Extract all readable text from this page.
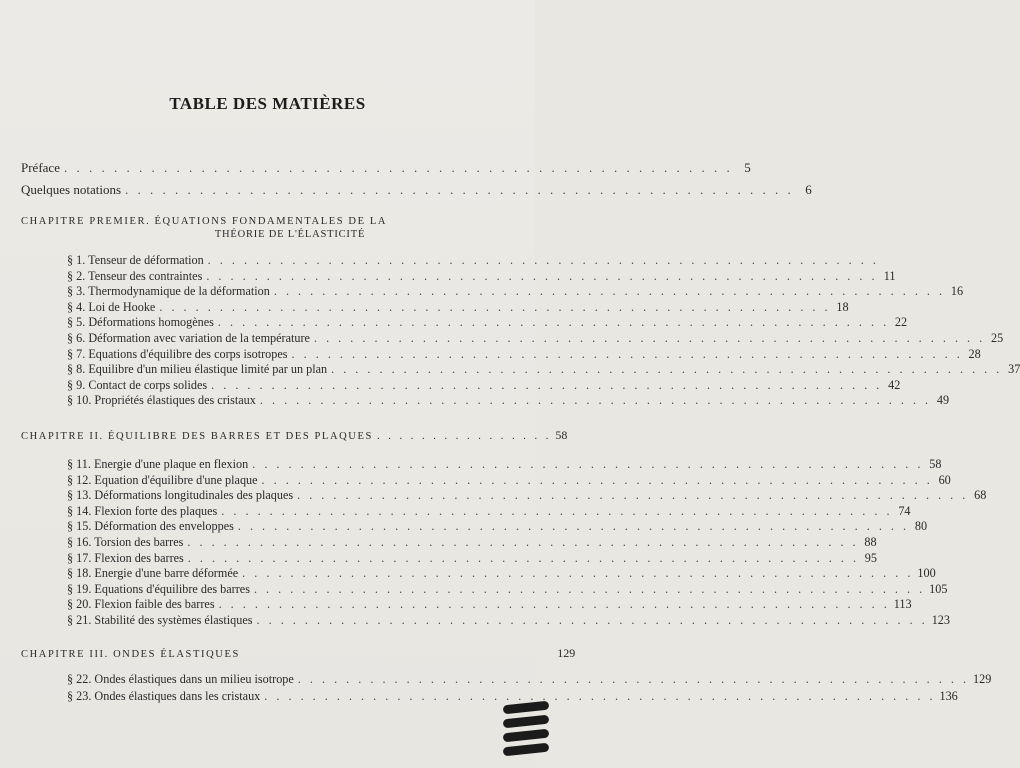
TABLE DES MATIÈRES
Préface . . . . . . . . . . . . . . . . . . . . . . . . . . . . . . . . . . . . . . . . . . . . . . . . . . . . . . 5
Quelques notations . . . . . . . . . . . . . . . . . . . . . . . . . . . . . . . . . . . . . . . . . . . . . . . . . . . . . . 6
CHAPITRE PREMIER. ÉQUATIONS FONDAMENTALES DE LA
THÉORIE DE L'ÉLASTICITÉ
§ 1. Tenseur de déformation . . . . . . . . . . . . . . . . . . . . . . . . . . . . . . . . . . . . . . . . . . . . . . . . . . . . . . . .
§ 2. Tenseur des contraintes . . . . . . . . . . . . . . . . . . . . . . . . . . . . . . . . . . . . . . . . . . . . . . . . . . . . . . . . 11
§ 3. Thermodynamique de la déformation . . . . . . . . . . . . . . . . . . . . . . . . . . . . . . . . . . . . . . . . . . . . . . . . . . . . . . . . 16
§ 4. Loi de Hooke . . . . . . . . . . . . . . . . . . . . . . . . . . . . . . . . . . . . . . . . . . . . . . . . . . . . . . . . 18
§ 5. Déformations homogènes . . . . . . . . . . . . . . . . . . . . . . . . . . . . . . . . . . . . . . . . . . . . . . . . . . . . . . . . 22
§ 6. Déformation avec variation de la température . . . . . . . . . . . . . . . . . . . . . . . . . . . . . . . . . . . . . . . . . . . . . . . . . . . . . . . . 25
§ 7. Equations d'équilibre des corps isotropes . . . . . . . . . . . . . . . . . . . . . . . . . . . . . . . . . . . . . . . . . . . . . . . . . . . . . . . . 28
§ 8. Equilibre d'un milieu élastique limité par un plan . . . . . . . . . . . . . . . . . . . . . . . . . . . . . . . . . . . . . . . . . . . . . . . . . . . . . . . . 37
§ 9. Contact de corps solides . . . . . . . . . . . . . . . . . . . . . . . . . . . . . . . . . . . . . . . . . . . . . . . . . . . . . . . . 42
§ 10. Propriétés élastiques des cristaux . . . . . . . . . . . . . . . . . . . . . . . . . . . . . . . . . . . . . . . . . . . . . . . . . . . . . . . . 49
CHAPITRE II. ÉQUILIBRE DES BARRES ET DES PLAQUES . . . . . . . . . . . . . . . . 58
§ 11. Energie d'une plaque en flexion . . . . . . . . . . . . . . . . . . . . . . . . . . . . . . . . . . . . . . . . . . . . . . . . . . . . . . . . 58
§ 12. Equation d'équilibre d'une plaque . . . . . . . . . . . . . . . . . . . . . . . . . . . . . . . . . . . . . . . . . . . . . . . . . . . . . . . . 60
§ 13. Déformations longitudinales des plaques . . . . . . . . . . . . . . . . . . . . . . . . . . . . . . . . . . . . . . . . . . . . . . . . . . . . . . . . 68
§ 14. Flexion forte des plaques . . . . . . . . . . . . . . . . . . . . . . . . . . . . . . . . . . . . . . . . . . . . . . . . . . . . . . . . 74
§ 15. Déformation des enveloppes . . . . . . . . . . . . . . . . . . . . . . . . . . . . . . . . . . . . . . . . . . . . . . . . . . . . . . . . 80
§ 16. Torsion des barres . . . . . . . . . . . . . . . . . . . . . . . . . . . . . . . . . . . . . . . . . . . . . . . . . . . . . . . . 88
§ 17. Flexion des barres . . . . . . . . . . . . . . . . . . . . . . . . . . . . . . . . . . . . . . . . . . . . . . . . . . . . . . . . 95
§ 18. Energie d'une barre déformée . . . . . . . . . . . . . . . . . . . . . . . . . . . . . . . . . . . . . . . . . . . . . . . . . . . . . . . . 100
§ 19. Equations d'équilibre des barres . . . . . . . . . . . . . . . . . . . . . . . . . . . . . . . . . . . . . . . . . . . . . . . . . . . . . . . . 105
§ 20. Flexion faible des barres . . . . . . . . . . . . . . . . . . . . . . . . . . . . . . . . . . . . . . . . . . . . . . . . . . . . . . . . 113
§ 21. Stabilité des systèmes élastiques . . . . . . . . . . . . . . . . . . . . . . . . . . . . . . . . . . . . . . . . . . . . . . . . . . . . . . . . 123
CHAPITRE III. ONDES ÉLASTIQUES	129
§ 22. Ondes élastiques dans un milieu isotrope . . . . . . . . . . . . . . . . . . . . . . . . . . . . . . . . . . . . . . . . . . . . . . . . . . . . . . . . 129
§ 23. Ondes élastiques dans les cristaux . . . . . . . . . . . . . . . . . . . . . . . . . . . . . . . . . . . . . . . . . . . . . . . . . . . . . . . . 136
